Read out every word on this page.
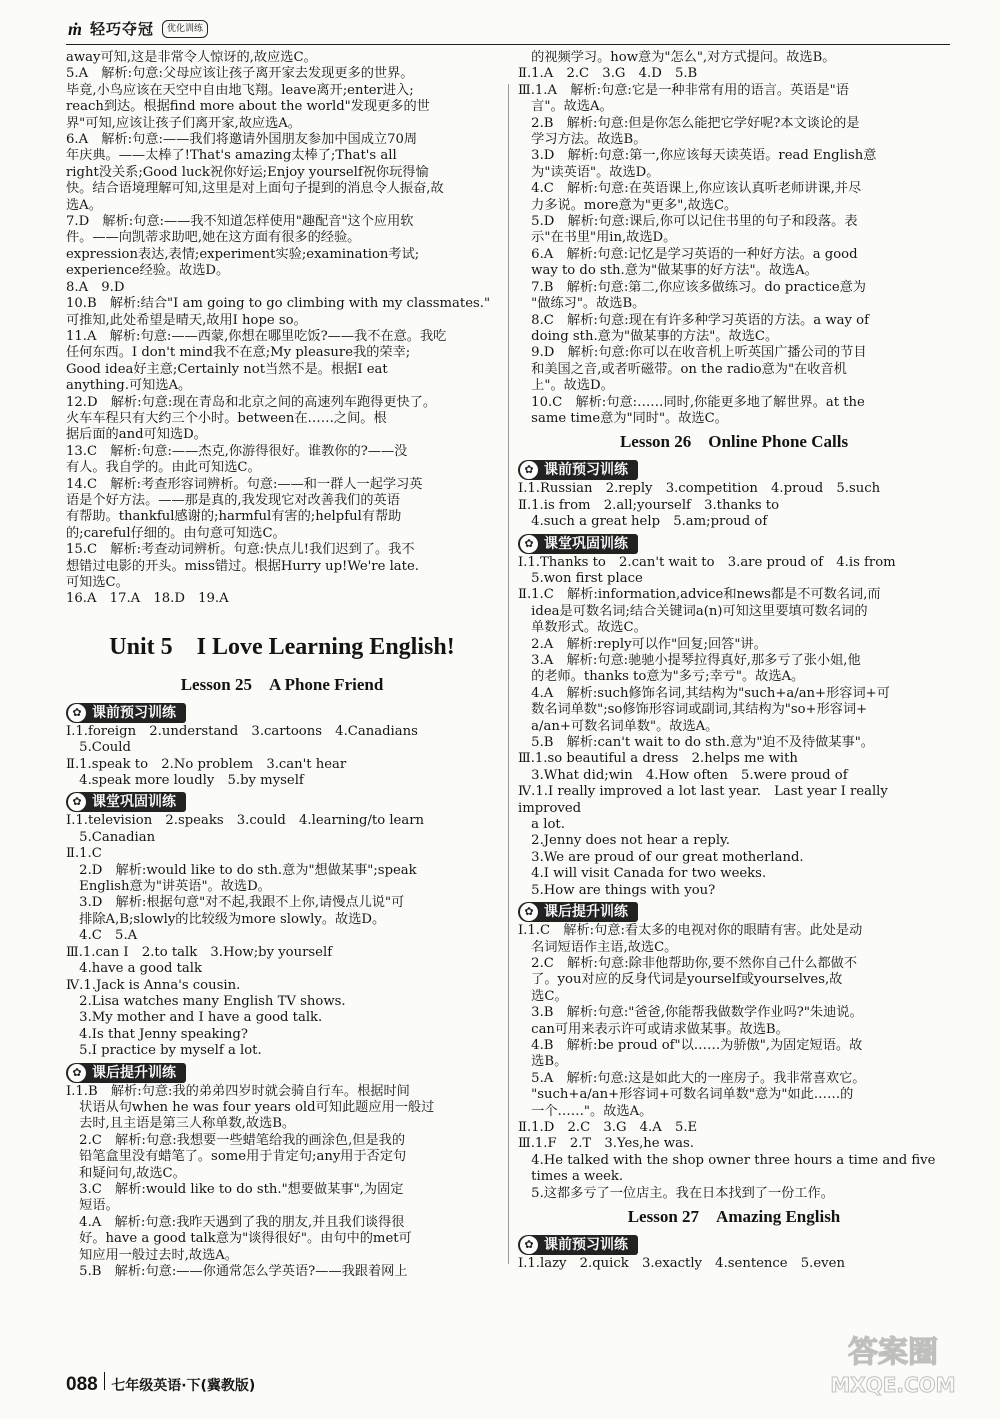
ṁ 轻巧夺冠	优化训练
away可知,这是非常令人惊讶的,故应选C。
5.A　解析:句意:父母应该让孩子离开家去发现更多的世界。
毕竟,小鸟应该在天空中自由地飞翔。leave离开;enter进入;
reach到达。根据find more about the world"发现更多的世
界"可知,应该让孩子们离开家,故应选A。
6.A　解析:句意:——我们将邀请外国朋友参加中国成立70周
年庆典。——太棒了!That's amazing太棒了;That's all
right没关系;Good luck祝你好运;Enjoy yourself祝你玩得愉
快。结合语境理解可知,这里是对上面句子提到的消息令人振奋,故
选A。
7.D　解析:句意:——我不知道怎样使用"趣配音"这个应用软
件。——向凯蒂求助吧,她在这方面有很多的经验。
expression表达,表情;experiment实验;examination考试;
experience经验。故选D。
8.A　9.D
10.B　解析:结合"I am going to go climbing with my classmates."
可推知,此处希望是晴天,故用I hope so。
11.A　解析:句意:——西蒙,你想在哪里吃饭?——我不在意。我吃
任何东西。I don't mind我不在意;My pleasure我的荣幸;
Good idea好主意;Certainly not当然不是。根据I eat
anything.可知选A。
12.D　解析:句意:现在青岛和北京之间的高速列车跑得更快了。
火车车程只有大约三个小时。between在……之间。根
据后面的and可知选D。
13.C　解析:句意:——杰克,你游得很好。谁教你的?——没
有人。我自学的。由此可知选C。
14.C　解析:考查形容词辨析。句意:——和一群人一起学习英
语是个好方法。——那是真的,我发现它对改善我们的英语
有帮助。thankful感谢的;harmful有害的;helpful有帮助
的;careful仔细的。由句意可知选C。
15.C　解析:考查动词辨析。句意:快点儿!我们迟到了。我不
想错过电影的开头。miss错过。根据Hurry up!We're late.
可知选C。
16.A　17.A　18.D　19.A
Unit 5　I Love Learning English!
Lesson 25　A Phone Friend
✿ 课前预习训练
Ⅰ.1.foreign　2.understand　3.cartoons　4.Canadians
　5.Could
Ⅱ.1.speak to　2.No problem　3.can't hear
　4.speak more loudly　5.by myself
✿ 课堂巩固训练
Ⅰ.1.television　2.speaks　3.could　4.learning/to learn
　5.Canadian
Ⅱ.1.C
　2.D　解析:would like to do sth.意为"想做某事";speak
　English意为"讲英语"。故选D。
　3.D　解析:根据句意"对不起,我跟不上你,请慢点儿说"可
　排除A,B;slowly的比较级为more slowly。故选D。
　4.C　5.A
Ⅲ.1.can I　2.to talk　3.How;by yourself
　4.have a good talk
Ⅳ.1.Jack is Anna's cousin.
　2.Lisa watches many English TV shows.
　3.My mother and I have a good talk.
　4.Is that Jenny speaking?
　5.I practice by myself a lot.
✿ 课后提升训练
Ⅰ.1.B　解析:句意:我的弟弟四岁时就会骑自行车。根据时间
　状语从句when he was four years old可知此题应用一般过
　去时,且主语是第三人称单数,故选B。
　2.C　解析:句意:我想要一些蜡笔给我的画涂色,但是我的
　铅笔盒里没有蜡笔了。some用于肯定句;any用于否定句
　和疑问句,故选C。
　3.C　解析:would like to do sth."想要做某事",为固定
　短语。
　4.A　解析:句意:我昨天遇到了我的朋友,并且我们谈得很
　好。have a good talk意为"谈得很好"。由句中的met可
　知应用一般过去时,故选A。
　5.B　解析:句意:——你通常怎么学英语?——我跟着网上
　的视频学习。how意为"怎么",对方式提问。故选B。
Ⅱ.1.A　2.C　3.G　4.D　5.B
Ⅲ.1.A　解析:句意:它是一种非常有用的语言。英语是"语
　言"。故选A。
　2.B　解析:句意:但是你怎么能把它学好呢?本文谈论的是
　学习方法。故选B。
　3.D　解析:句意:第一,你应该每天读英语。read English意
　为"读英语"。故选D。
　4.C　解析:句意:在英语课上,你应该认真听老师讲课,并尽
　力多说。more意为"更多",故选C。
　5.D　解析:句意:课后,你可以记住书里的句子和段落。表
　示"在书里"用in,故选D。
　6.A　解析:句意:记忆是学习英语的一种好方法。a good
　way to do sth.意为"做某事的好方法"。故选A。
　7.B　解析:句意:第二,你应该多做练习。do practice意为
　"做练习"。故选B。
　8.C　解析:句意:现在有许多种学习英语的方法。a way of
　doing sth.意为"做某事的方法"。故选C。
　9.D　解析:句意:你可以在收音机上听英国广播公司的节目
　和美国之音,或者听磁带。on the radio意为"在收音机
　上"。故选D。
　10.C　解析:句意:……同时,你能更多地了解世界。at the
　same time意为"同时"。故选C。
Lesson 26　Online Phone Calls
✿ 课前预习训练
Ⅰ.1.Russian　2.reply　3.competition　4.proud　5.such
Ⅱ.1.is from　2.all;yourself　3.thanks to
　4.such a great help　5.am;proud of
✿ 课堂巩固训练
Ⅰ.1.Thanks to　2.can't wait to　3.are proud of　4.is from
　5.won first place
Ⅱ.1.C　解析:information,advice和news都是不可数名词,而
　idea是可数名词;结合关键词a(n)可知这里要填可数名词的
　单数形式。故选C。
　2.A　解析:reply可以作"回复;回答"讲。
　3.A　解析:句意:驰驰小提琴拉得真好,那多亏了张小姐,他
　的老师。thanks to意为"多亏;幸亏"。故选A。
　4.A　解析:such修饰名词,其结构为"such+a/an+形容词+可
　数名词单数";so修饰形容词或副词,其结构为"so+形容词+
　a/an+可数名词单数"。故选A。
　5.B　解析:can't wait to do sth.意为"迫不及待做某事"。
Ⅲ.1.so beautiful a dress　2.helps me with
　3.What did;win　4.How often　5.were proud of
Ⅳ.1.I really improved a lot last year.　Last year I really improved
　a lot.
　2.Jenny does not hear a reply.
　3.We are proud of our great motherland.
　4.I will visit Canada for two weeks.
　5.How are things with you?
✿ 课后提升训练
Ⅰ.1.C　解析:句意:看太多的电视对你的眼睛有害。此处是动
　名词短语作主语,故选C。
　2.C　解析:句意:除非他帮助你,要不然你自己什么都做不
　了。you对应的反身代词是yourself或yourselves,故
　选C。
　3.B　解析:句意:"爸爸,你能帮我做数学作业吗?"朱迪说。
　can可用来表示许可或请求做某事。故选B。
　4.B　解析:be proud of"以……为骄傲",为固定短语。故
　选B。
　5.A　解析:句意:这是如此大的一座房子。我非常喜欢它。
　"such+a/an+形容词+可数名词单数"意为"如此……的
　一个……"。故选A。
Ⅱ.1.D　2.C　3.G　4.A　5.E
Ⅲ.1.F　2.T　3.Yes,he was.
　4.He talked with the shop owner three hours a time and five
　times a week.
　5.这都多亏了一位店主。我在日本找到了一份工作。
Lesson 27　Amazing English
✿ 课前预习训练
Ⅰ.1.lazy　2.quick　3.exactly　4.sentence　5.even
088 七年级英语·下(冀教版)
答案圈
MXQE.COM
